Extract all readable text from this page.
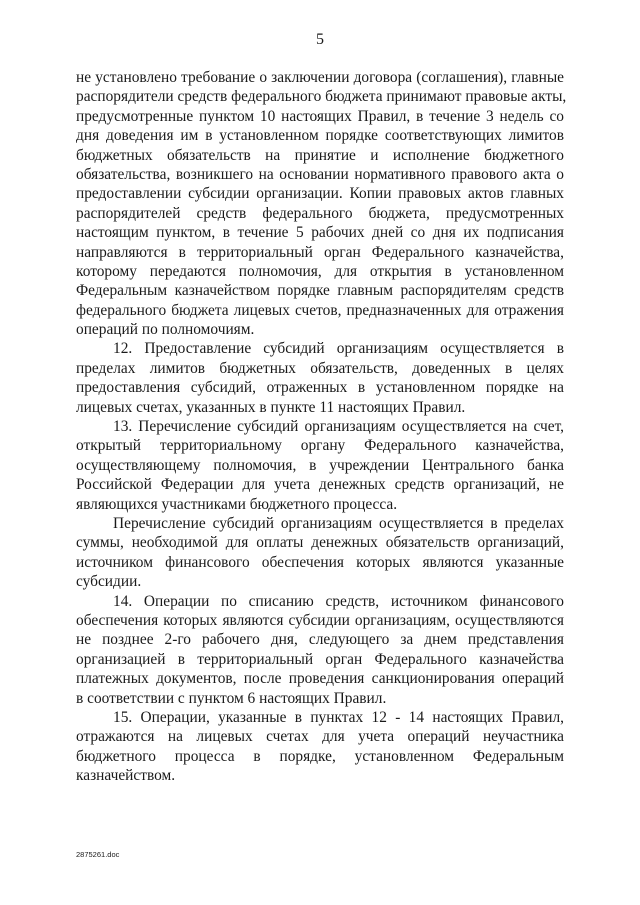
5
не установлено требование о заключении договора (соглашения), главные
распорядители средств федерального бюджета принимают правовые акты,
предусмотренные пунктом 10 настоящих Правил, в течение 3 недель со
дня доведения им в установленном порядке соответствующих лимитов
бюджетных обязательств на принятие и исполнение бюджетного
обязательства, возникшего на основании нормативного правового акта о
предоставлении субсидии организации. Копии правовых актов главных
распорядителей средств федерального бюджета, предусмотренных
настоящим пунктом, в течение 5 рабочих дней со дня их подписания
направляются в территориальный орган Федерального казначейства,
которому передаются полномочия, для открытия в установленном
Федеральным казначейством порядке главным распорядителям средств
федерального бюджета лицевых счетов, предназначенных для отражения
операций по полномочиям.
12. Предоставление субсидий организациям осуществляется в
пределах лимитов бюджетных обязательств, доведенных в целях
предоставления субсидий, отраженных в установленном порядке на
лицевых счетах, указанных в пункте 11 настоящих Правил.
13. Перечисление субсидий организациям осуществляется на счет,
открытый территориальному органу Федерального казначейства,
осуществляющему полномочия, в учреждении Центрального банка
Российской Федерации для учета денежных средств организаций, не
являющихся участниками бюджетного процесса.
Перечисление субсидий организациям осуществляется в пределах
суммы, необходимой для оплаты денежных обязательств организаций,
источником финансового обеспечения которых являются указанные
субсидии.
14. Операции по списанию средств, источником финансового
обеспечения которых являются субсидии организациям, осуществляются
не позднее 2-го рабочего дня, следующего за днем представления
организацией в территориальный орган Федерального казначейства
платежных документов, после проведения санкционирования операций
в соответствии с пунктом 6 настоящих Правил.
15. Операции, указанные в пунктах 12 - 14 настоящих Правил,
отражаются на лицевых счетах для учета операций неучастника
бюджетного процесса в порядке, установленном Федеральным
казначейством.
2875261.doc
